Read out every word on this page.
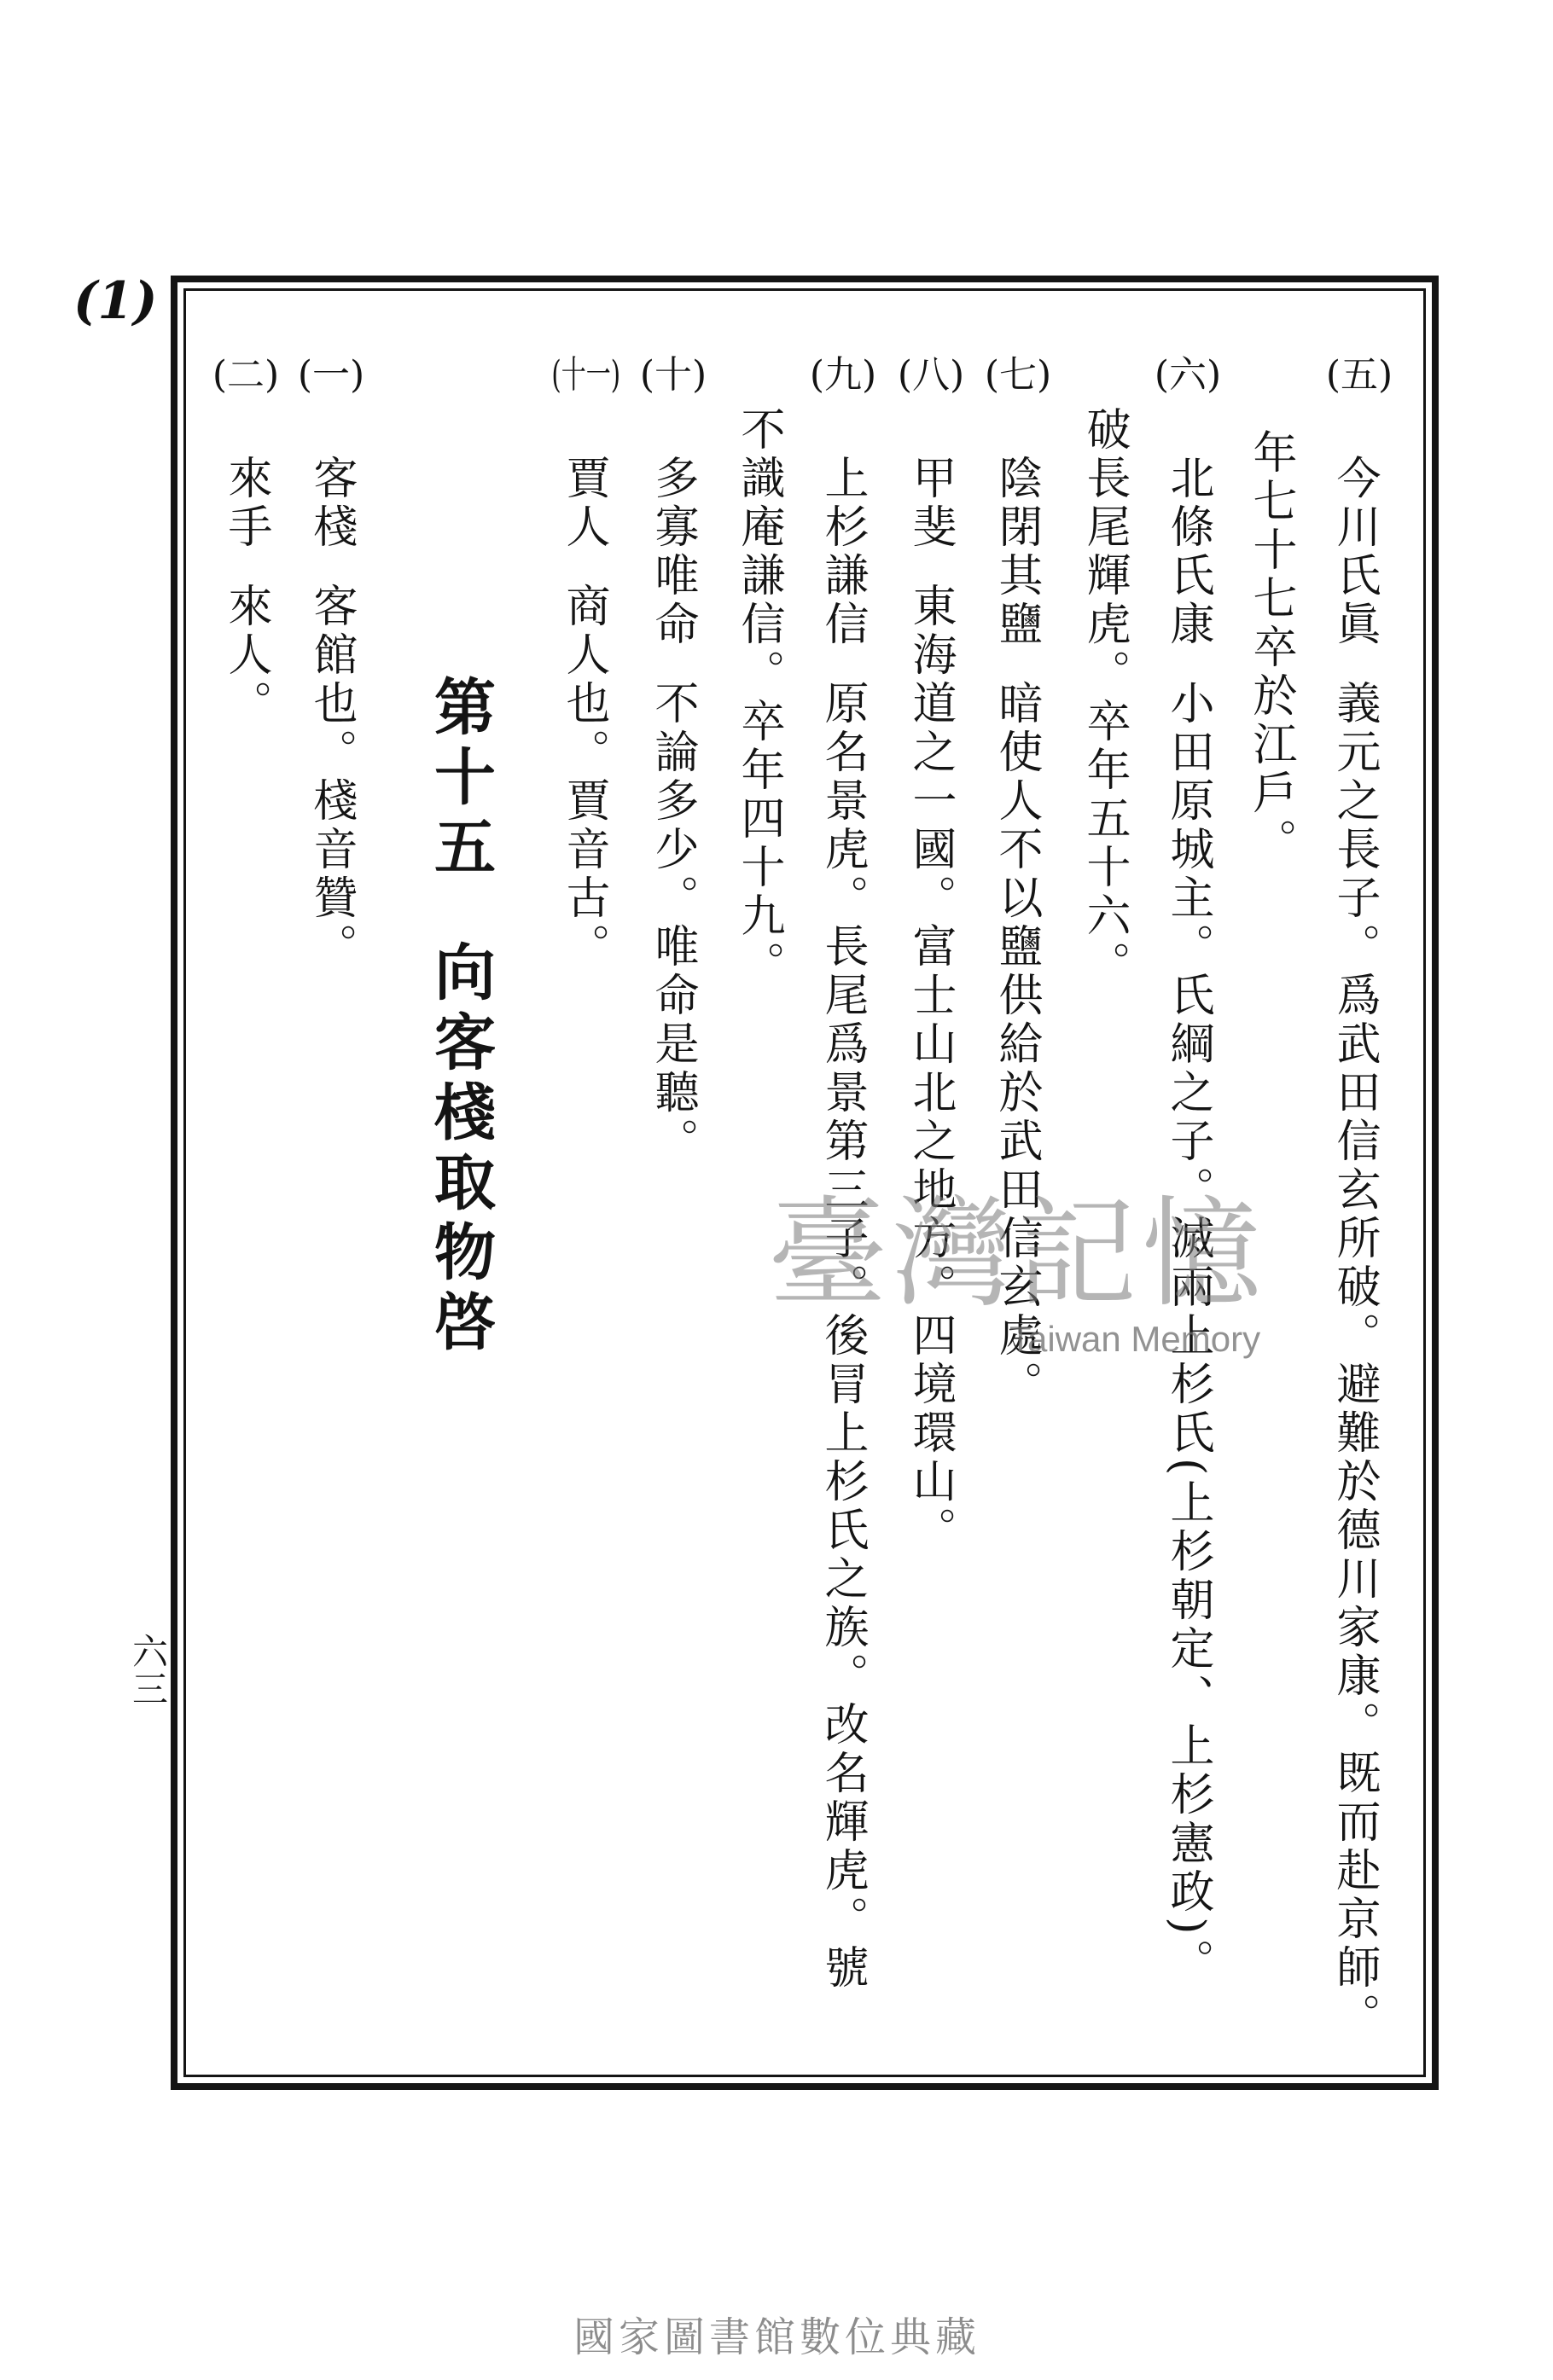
(1)
六三
(五)
今川氏眞義元之長子。爲武田信玄所破。避難於德川家康。既而赴京師。
年七十七卒於江戶。
(六)
北條氏康小田原城主。氏綱之子。滅兩上杉氏(上杉朝定、上杉憲政)。
破長尾輝虎。卒年五十六。
(七)
陰閉其鹽暗使人不以鹽供給於武田信玄處。
(八)
甲斐東海道之一國。富士山北之地方。四境環山。
(九)
上杉謙信原名景虎。長尾爲景第三子。後冐上杉氏之族。改名輝虎。號
不識庵謙信。卒年四十九。
(十)
多寡唯命不論多少。唯命是聽。
(十一)
賈人商人也。賈音古。
第十五向客棧取物啓
(一)
客棧客館也。棧音贊。
(二)
來手來人。
臺灣記憶
Taiwan Memory
國家圖書館數位典藏
